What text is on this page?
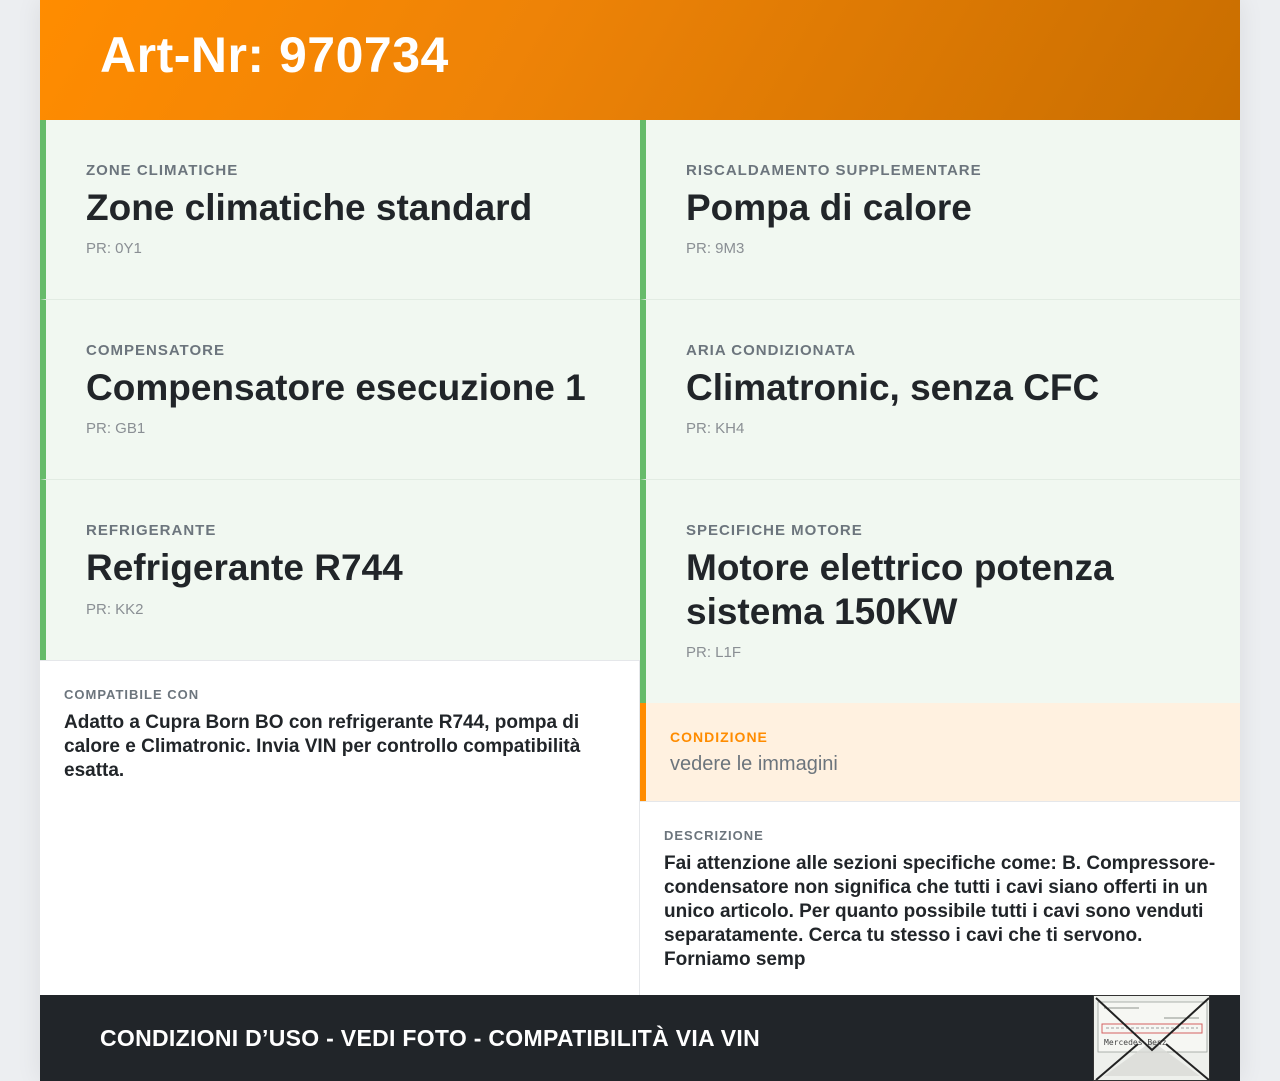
Art-Nr: 970734
ZONE CLIMATICHE
Zone climatiche standard
PR: 0Y1
RISCALDAMENTO SUPPLEMENTARE
Pompa di calore
PR: 9M3
COMPENSATORE
Compensatore esecuzione 1
PR: GB1
ARIA CONDIZIONATA
Climatronic, senza CFC
PR: KH4
REFRIGERANTE
Refrigerante R744
PR: KK2
SPECIFICHE MOTORE
Motore elettrico potenza sistema 150KW
PR: L1F
COMPATIBILE CON
Adatto a Cupra Born BO con refrigerante R744, pompa di calore e Climatronic. Invia VIN per controllo compatibilità esatta.
CONDIZIONE
vedere le immagini
DESCRIZIONE
Fai attenzione alle sezioni specifiche come: B. Compressore-condensatore non significa che tutti i cavi siano offerti in un unico articolo. Per quanto possibile tutti i cavi sono venduti separatamente. Cerca tu stesso i cavi che ti servono. Forniamo semp
CONDIZIONI D’USO - VEDI FOTO - COMPATIBILITÀ VIA VIN	Mercedes-Benz
